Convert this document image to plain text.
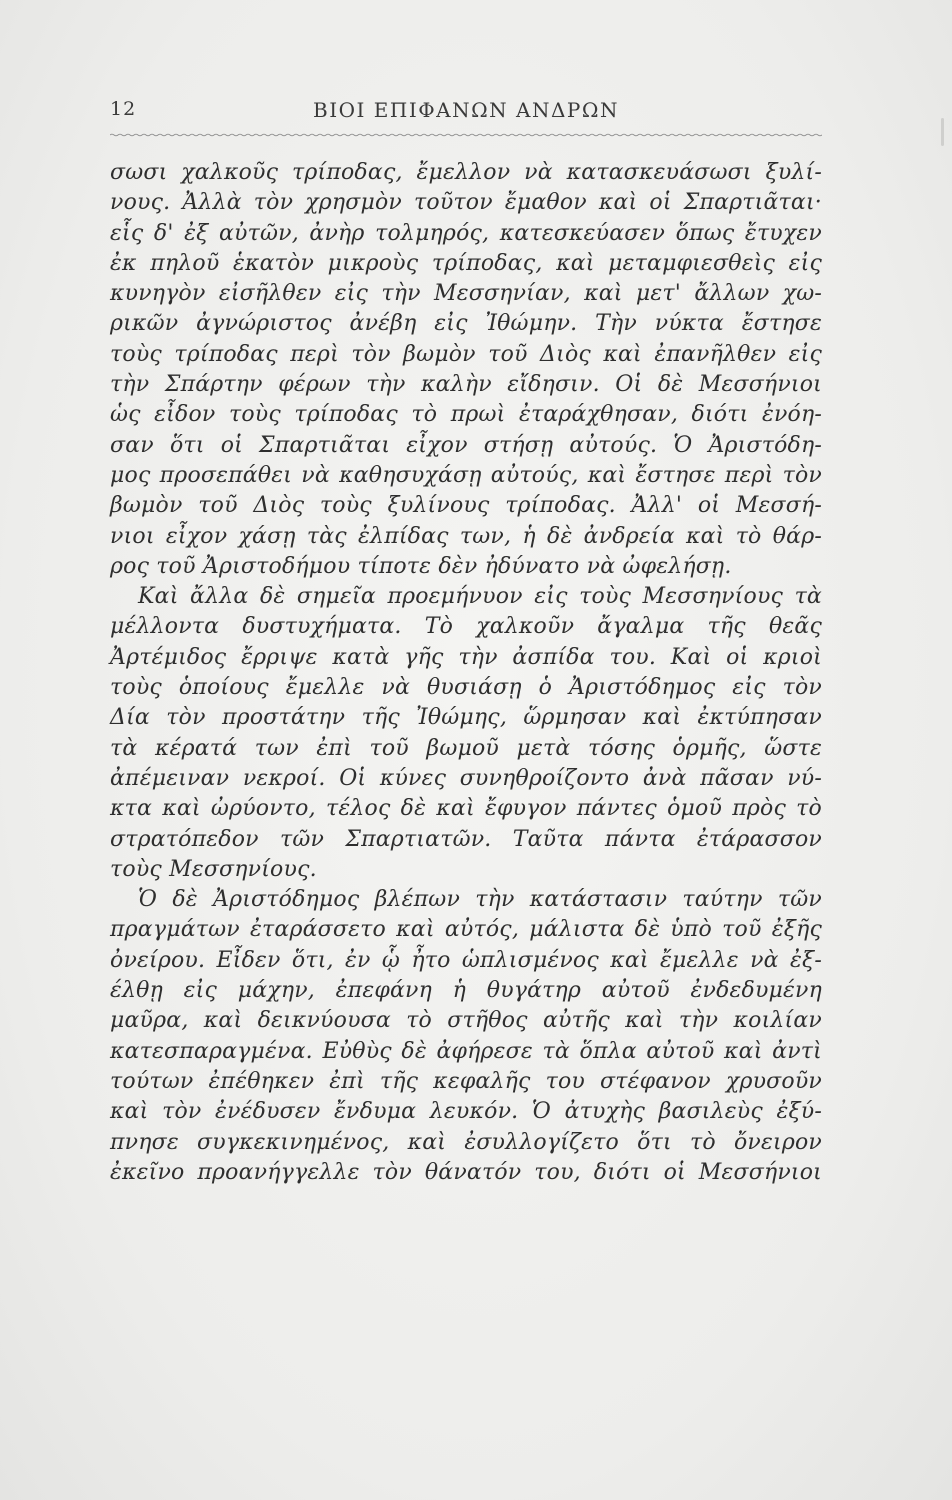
12	ΒΙΟΙ ΕΠΙΦΑΝΩΝ ΑΝΔΡΩΝ
σωσι χαλκοῦς τρίποδας, ἔμελλον νὰ κατασκευάσωσι ξυλί-
νους. Ἀλλὰ τὸν χρησμὸν τοῦτον ἔμαθον καὶ οἱ Σπαρτιᾶται·
εἷς δ' ἐξ αὐτῶν, ἀνὴρ τολμηρός, κατεσκεύασεν ὅπως ἔτυχεν
ἐκ πηλοῦ ἑκατὸν μικροὺς τρίποδας, καὶ μεταμφιεσθεὶς εἰς
κυνηγὸν εἰσῆλθεν εἰς τὴν Μεσσηνίαν, καὶ μετ' ἄλλων χω-
ρικῶν ἀγνώριστος ἀνέβη εἰς Ἰθώμην. Τὴν νύκτα ἔστησε
τοὺς τρίποδας περὶ τὸν βωμὸν τοῦ Διὸς καὶ ἐπανῆλθεν εἰς
τὴν Σπάρτην φέρων τὴν καλὴν εἴδησιν. Οἱ δὲ Μεσσήνιοι
ὡς εἶδον τοὺς τρίποδας τὸ πρωὶ ἐταράχθησαν, διότι ἐνόη-
σαν ὅτι οἱ Σπαρτιᾶται εἶχον στήσῃ αὐτούς. Ὁ Ἀριστόδη-
μος προσεπάθει νὰ καθησυχάσῃ αὐτούς, καὶ ἔστησε περὶ τὸν
βωμὸν τοῦ Διὸς τοὺς ξυλίνους τρίποδας. Ἀλλ' οἱ Μεσσή-
νιοι εἶχον χάσῃ τὰς ἐλπίδας των, ἡ δὲ ἀνδρεία καὶ τὸ θάρ-
ρος τοῦ Ἀριστοδήμου τίποτε δὲν ἠδύνατο νὰ ὠφελήσῃ.
Καὶ ἄλλα δὲ σημεῖα προεμήνυον εἰς τοὺς Μεσσηνίους τὰ
μέλλοντα δυστυχήματα. Τὸ χαλκοῦν ἄγαλμα τῆς θεᾶς
Ἀρτέμιδος ἔρριψε κατὰ γῆς τὴν ἀσπίδα του. Καὶ οἱ κριοὶ
τοὺς ὁποίους ἔμελλε νὰ θυσιάσῃ ὁ Ἀριστόδημος εἰς τὸν
Δία τὸν προστάτην τῆς Ἰθώμης, ὥρμησαν καὶ ἐκτύπησαν
τὰ κέρατά των ἐπὶ τοῦ βωμοῦ μετὰ τόσης ὁρμῆς, ὥστε
ἀπέμειναν νεκροί. Οἱ κύνες συνηθροίζοντο ἀνὰ πᾶσαν νύ-
κτα καὶ ὠρύοντο, τέλος δὲ καὶ ἔφυγον πάντες ὁμοῦ πρὸς τὸ
στρατόπεδον τῶν Σπαρτιατῶν. Ταῦτα πάντα ἐτάρασσον
τοὺς Μεσσηνίους.
Ὁ δὲ Ἀριστόδημος βλέπων τὴν κατάστασιν ταύτην τῶν
πραγμάτων ἐταράσσετο καὶ αὐτός, μάλιστα δὲ ὑπὸ τοῦ ἐξῆς
ὀνείρου. Εἶδεν ὅτι, ἐν ᾧ ἦτο ὡπλισμένος καὶ ἔμελλε νὰ ἐξ-
έλθῃ εἰς μάχην, ἐπεφάνη ἡ θυγάτηρ αὐτοῦ ἐνδεδυμένη
μαῦρα, καὶ δεικνύουσα τὸ στῆθος αὐτῆς καὶ τὴν κοιλίαν
κατεσπαραγμένα. Εὐθὺς δὲ ἀφήρεσε τὰ ὅπλα αὐτοῦ καὶ ἀντὶ
τούτων ἐπέθηκεν ἐπὶ τῆς κεφαλῆς του στέφανον χρυσοῦν
καὶ τὸν ἐνέδυσεν ἔνδυμα λευκόν. Ὁ ἀτυχὴς βασιλεὺς ἐξύ-
πνησε συγκεκινημένος, καὶ ἐσυλλογίζετο ὅτι τὸ ὄνειρον
ἐκεῖνο προανήγγελλε τὸν θάνατόν του, διότι οἱ Μεσσήνιοι
